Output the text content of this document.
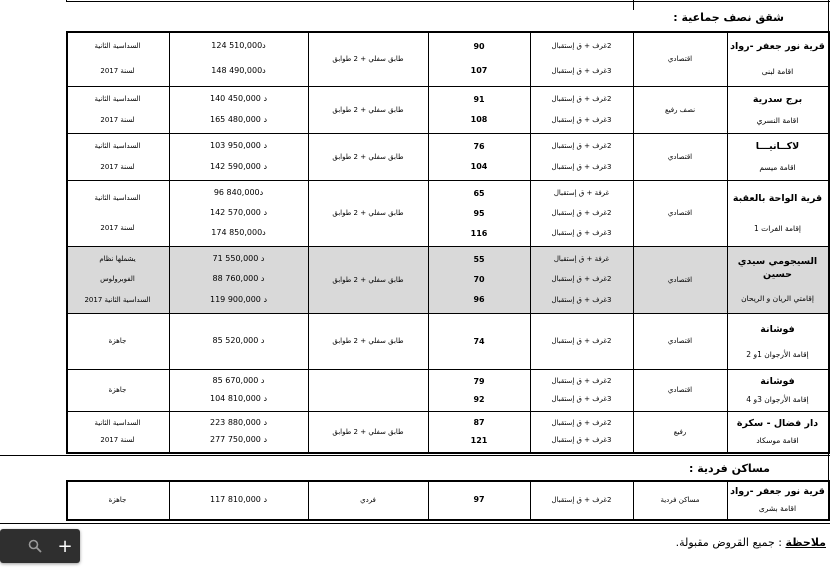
شقق نصف جماعية :
قرية نور جعفر -رواد
اقامة لبنى
اقتصادي
2غرف + ق إستقبال
3غرف + ق إستقبال
90
107
طابق سفلي + 2 طوابق
124 510,000د
148 490,000د
السداسية الثانية
لسنة 2017
برج سدرية
اقامة النسري
نصف رفيع
2غرف + ق إستقبال
3غرف + ق إستقبال
91
108
طابق سفلي + 2 طوابق
140 450,000 د
165 480,000 د
السداسية الثانية
لسنة 2017
لاكــانيـــا
اقامة ميسم
اقتصادي
2غرف + ق إستقبال
3غرف + ق إستقبال
76
104
طابق سفلي + 2 طوابق
103 950,000 د
142 590,000 د
السداسية الثانية
لسنة 2017
قرية الواحة بالعقبة
إقامة الفرات 1
اقتصادي
غرفة + ق إستقبال
2غرف + ق إستقبال
3غرف + ق إستقبال
65
95
116
طابق سفلي + 2 طوابق
96 840,000د
142 570,000 د
174 850,000د
السداسية الثانية
لسنة 2017
السيجومي سيدي حسين
إقامتي الريان و الريحان
اقتصادي
غرفة + ق إستقبال
2غرف + ق إستقبال
3غرف + ق إستقبال
55
70
96
طابق سفلي + 2 طوابق
71 550,000 د
88 760,000 د
119 900,000 د
يشملها نظام
الفوبرولوس
السداسية الثانية 2017
فوشانة
إقامة الأرجوان 1و 2
اقتصادي
2غرف + ق إستقبال
74
طابق سفلي + 2 طوابق
85 520,000 د
جاهزة
فوشانة
إقامة الأرجوان 3و 4
اقتصادي
2غرف + ق إستقبال
3غرف + ق إستقبال
79
92
85 670,000 د
104 810,000 د
جاهزة
دار فضال - سكرة
اقامة موسكاد
رفيع
2غرف + ق إستقبال
3غرف + ق إستقبال
87
121
طابق سفلي + 2 طوابق
223 880,000 د
277 750,000 د
السداسية الثانية
لسنة 2017
مساكن فردية :
قرية نور جعفر -رواد
اقامة بشرى
مساكن فردية
2غرف + ق إستقبال
97
فردي
117 810,000 د
جاهزة
ملاحظة : جميع القروض مقبولة.
+
